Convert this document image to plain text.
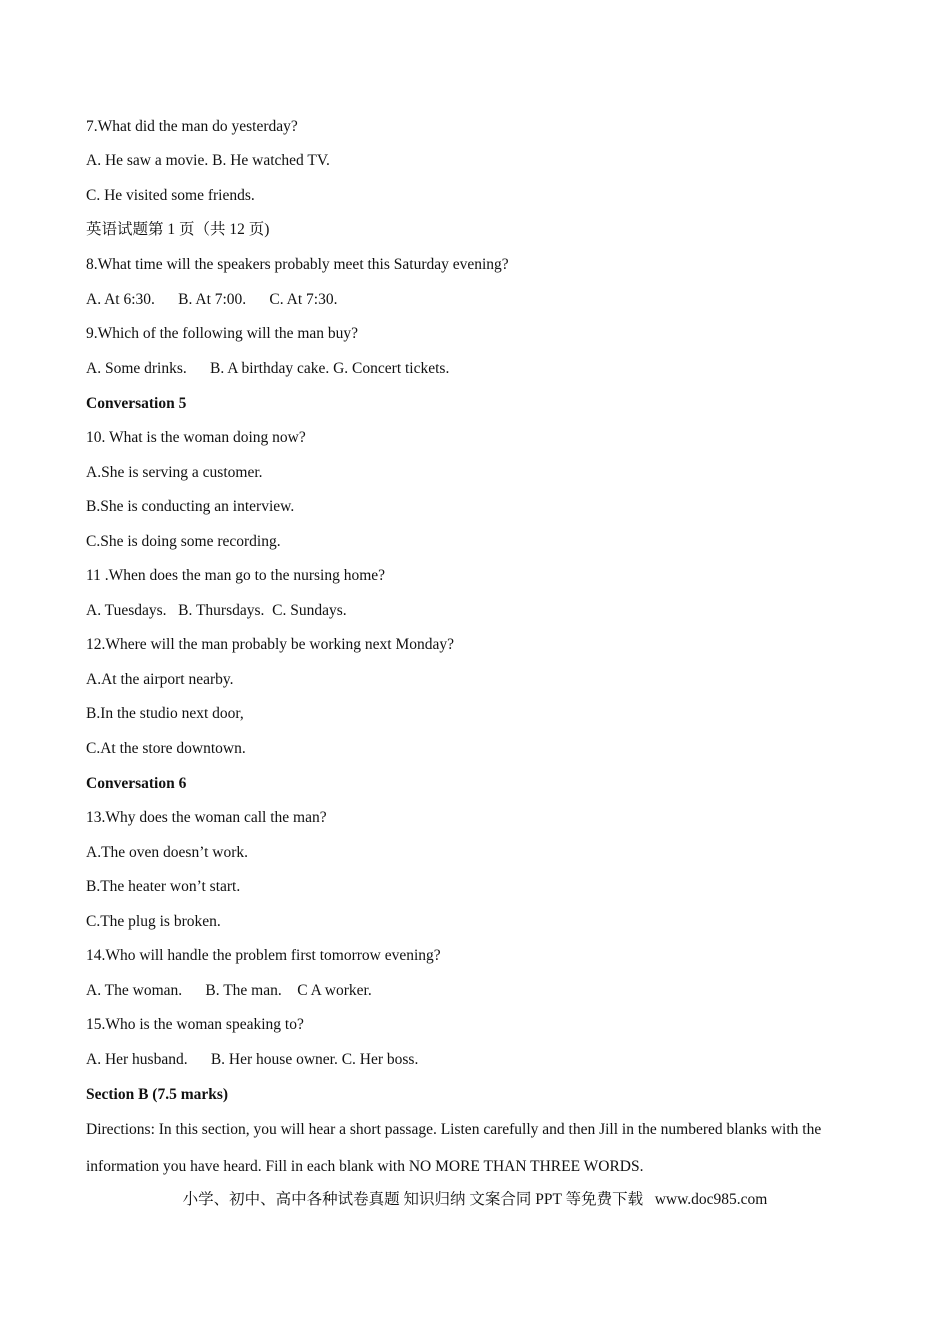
7.What did the man do yesterday?
A. He saw a movie. B. He watched TV.
C. He visited some friends.
英语试题第 1 页（共 12 页)
8.What time will the speakers probably meet this Saturday evening?
A. At 6:30.      B. At 7:00.      C. At 7:30.
9.Which of the following will the man buy?
A. Some drinks.      B. A birthday cake. G. Concert tickets.
Conversation 5
10. What is the woman doing now?
A.She is serving a customer.
B.She is conducting an interview.
C.She is doing some recording.
11 .When does the man go to the nursing home?
A. Tuesdays.   B. Thursdays.  C. Sundays.
12.Where will the man probably be working next Monday?
A.At the airport nearby.
B.In the studio next door,
C.At the store downtown.
Conversation 6
13.Why does the woman call the man?
A.The oven doesn’t work.
B.The heater won’t start.
C.The plug is broken.
14.Who will handle the problem first tomorrow evening?
A. The woman.      B. The man.    C A worker.
15.Who is the woman speaking to?
A. Her husband.      B. Her house owner. C. Her boss.
Section B (7.5 marks)
Directions: In this section, you will hear a short passage. Listen carefully and then Jill in the numbered blanks with the information you have heard. Fill in each blank with NO MORE THAN THREE WORDS.
小学、初中、高中各种试卷真题 知识归纳 文案合同 PPT 等免费下载   www.doc985.com
